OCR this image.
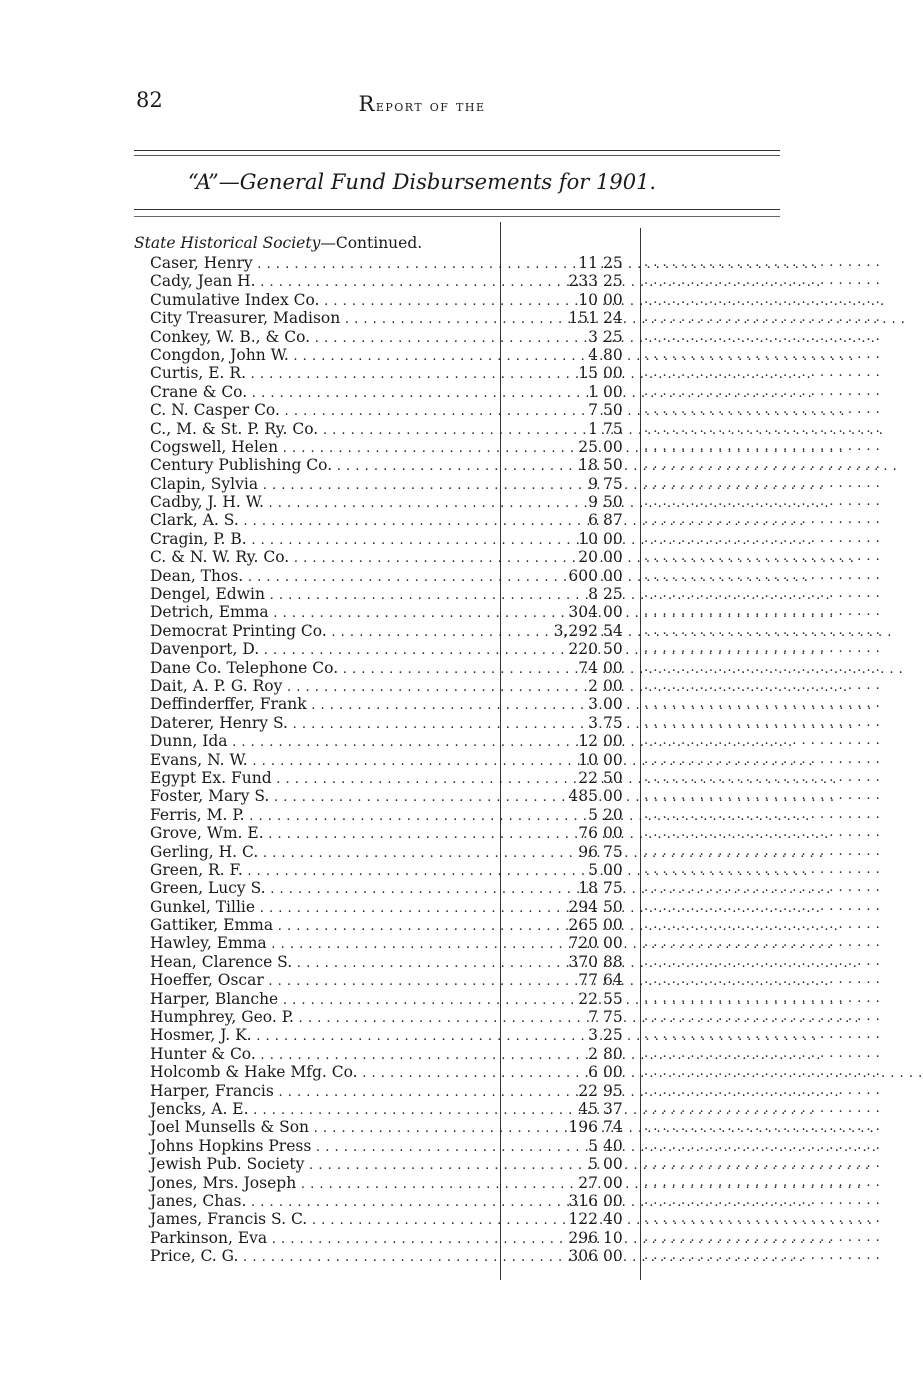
82	Report of the
“A”—General Fund Disbursements for 1901.
State Historical Society—Continued.
Caser, Henry . . .	11 25	. . . . . . . . . . . . . . . . . . . . . . . . . .
Cady, Jean H. . . .	233 25	. . . . . . . . . . . . . . . . . . . . . . . . . .
Cumulative Index Co. . . .	10 00	. . . . . . . . . . . . . . . . . . . . . . . . . .
City Treasurer, Madison . . .	151 24	. . . . . . . . . . . . . . . . . . . . . . . . . .
Conkey, W. B., & Co. . . .	3 25	. . . . . . . . . . . . . . . . . . . . . . . . . .
Congdon, John W. . . .	4 80	. . . . . . . . . . . . . . . . . . . . . . . . . .
Curtis, E. R. . . .	15 00	. . . . . . . . . . . . . . . . . . . . . . . . . .
Crane & Co. . . .	1 00	. . . . . . . . . . . . . . . . . . . . . . . . . .
C. N. Casper Co. . . .	7 50	. . . . . . . . . . . . . . . . . . . . . . . . . .
C., M. & St. P. Ry. Co. . . .	1 75	. . . . . . . . . . . . . . . . . . . . . . . . . .
Cogswell, Helen . . .	25 00	. . . . . . . . . . . . . . . . . . . . . . . . . .
Century Publishing Co. . . .	18 50	. . . . . . . . . . . . . . . . . . . . . . . . . .
Clapin, Sylvia . . .	9 75	. . . . . . . . . . . . . . . . . . . . . . . . . .
Cadby, J. H. W. . . .	9 50	. . . . . . . . . . . . . . . . . . . . . . . . . .
Clark, A. S. . . .	6 87	. . . . . . . . . . . . . . . . . . . . . . . . . .
Cragin, P. B. . . .	10 00	. . . . . . . . . . . . . . . . . . . . . . . . . .
C. & N. W. Ry. Co. . . .	20 00	. . . . . . . . . . . . . . . . . . . . . . . . . .
Dean, Thos. . . .	600 00	. . . . . . . . . . . . . . . . . . . . . . . . . .
Dengel, Edwin . . .	8 25	. . . . . . . . . . . . . . . . . . . . . . . . . .
Detrich, Emma . . .	304 00	. . . . . . . . . . . . . . . . . . . . . . . . . .
Democrat Printing Co. . . .	3,292 54	. . . . . . . . . . . . . . . . . . . . . . . . . .
Davenport, D. . . .	220 50	. . . . . . . . . . . . . . . . . . . . . . . . . .
Dane Co. Telephone Co. . . .	74 00	. . . . . . . . . . . . . . . . . . . . . . . . . .
Dait, A. P. G. Roy . . .	2 00	. . . . . . . . . . . . . . . . . . . . . . . . . .
Deffinderffer, Frank . . .	3 00	. . . . . . . . . . . . . . . . . . . . . . . . . .
Daterer, Henry S. . . .	3 75	. . . . . . . . . . . . . . . . . . . . . . . . . .
Dunn, Ida . . .	12 00	. . . . . . . . . . . . . . . . . . . . . . . . . .
Evans, N. W. . . .	10 00	. . . . . . . . . . . . . . . . . . . . . . . . . .
Egypt Ex. Fund . . .	22 50	. . . . . . . . . . . . . . . . . . . . . . . . . .
Foster, Mary S. . . .	485 00	. . . . . . . . . . . . . . . . . . . . . . . . . .
Ferris, M. P. . . .	5 20	. . . . . . . . . . . . . . . . . . . . . . . . . .
Grove, Wm. E. . . .	76 00	. . . . . . . . . . . . . . . . . . . . . . . . . .
Gerling, H. C. . . .	96 75	. . . . . . . . . . . . . . . . . . . . . . . . . .
Green, R. F. . . .	5 00	. . . . . . . . . . . . . . . . . . . . . . . . . .
Green, Lucy S. . . .	18 75	. . . . . . . . . . . . . . . . . . . . . . . . . .
Gunkel, Tillie . . .	294 50	. . . . . . . . . . . . . . . . . . . . . . . . . .
Gattiker, Emma . . .	265 00	. . . . . . . . . . . . . . . . . . . . . . . . . .
Hawley, Emma . . .	720 00	. . . . . . . . . . . . . . . . . . . . . . . . . .
Hean, Clarence S. . . .	370 88	. . . . . . . . . . . . . . . . . . . . . . . . . .
Hoeffer, Oscar . . .	77 64	. . . . . . . . . . . . . . . . . . . . . . . . . .
Harper, Blanche . . .	22 55	. . . . . . . . . . . . . . . . . . . . . . . . . .
Humphrey, Geo. P. . . .	7 75	. . . . . . . . . . . . . . . . . . . . . . . . . .
Hosmer, J. K. . . .	3 25	. . . . . . . . . . . . . . . . . . . . . . . . . .
Hunter & Co. . . .	2 80	. . . . . . . . . . . . . . . . . . . . . . . . . .
Holcomb & Hake Mfg. Co. . . .	6 00	. . . . . . . . . . . . . . . . . . . . . . . . . .
Harper, Francis . . .	22 95	. . . . . . . . . . . . . . . . . . . . . . . . . .
Jencks, A. E. . . .	45 37	. . . . . . . . . . . . . . . . . . . . . . . . . .
Joel Munsells & Son . . .	196 74	. . . . . . . . . . . . . . . . . . . . . . . . . .
Johns Hopkins Press . . .	5 40	. . . . . . . . . . . . . . . . . . . . . . . . . .
Jewish Pub. Society . . .	5 00	. . . . . . . . . . . . . . . . . . . . . . . . . .
Jones, Mrs. Joseph . . .	27 00	. . . . . . . . . . . . . . . . . . . . . . . . . .
Janes, Chas. . . .	316 00	. . . . . . . . . . . . . . . . . . . . . . . . . .
James, Francis S. C. . . .	122 40	. . . . . . . . . . . . . . . . . . . . . . . . . .
Parkinson, Eva . . .	296 10	. . . . . . . . . . . . . . . . . . . . . . . . . .
Price, C. G. . . .	306 00	. . . . . . . . . . . . . . . . . . . . . . . . . .
